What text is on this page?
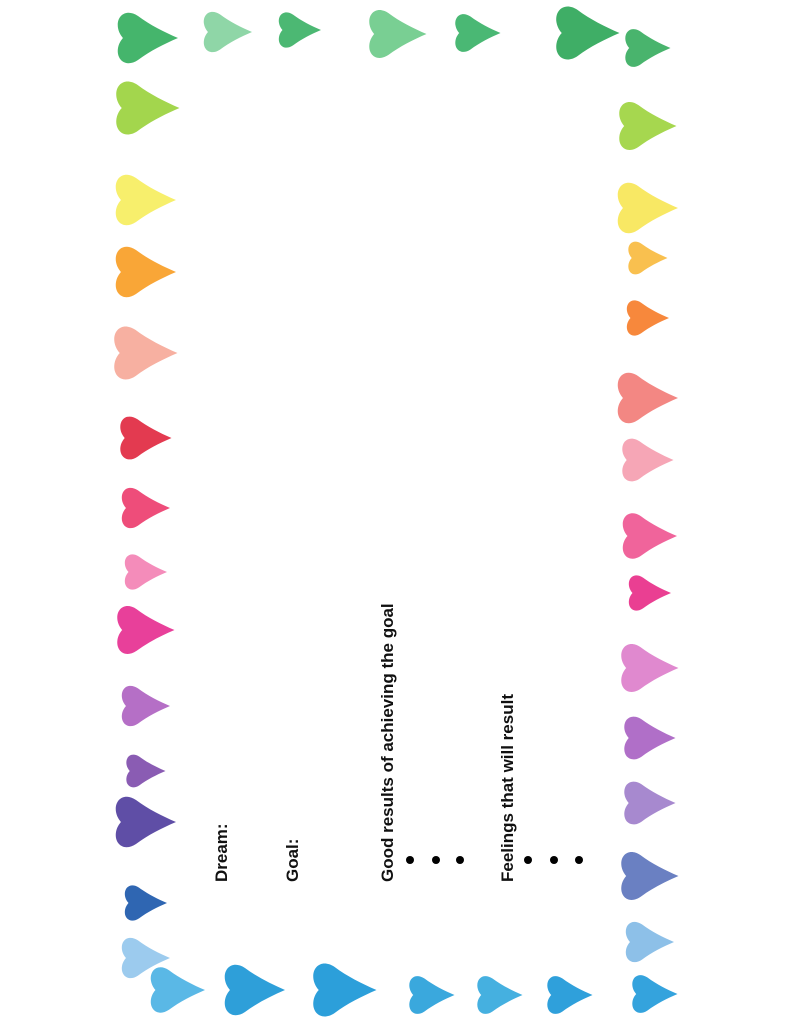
Dream:	Goal:	Good results of achieving the goal	Feelings that will result
